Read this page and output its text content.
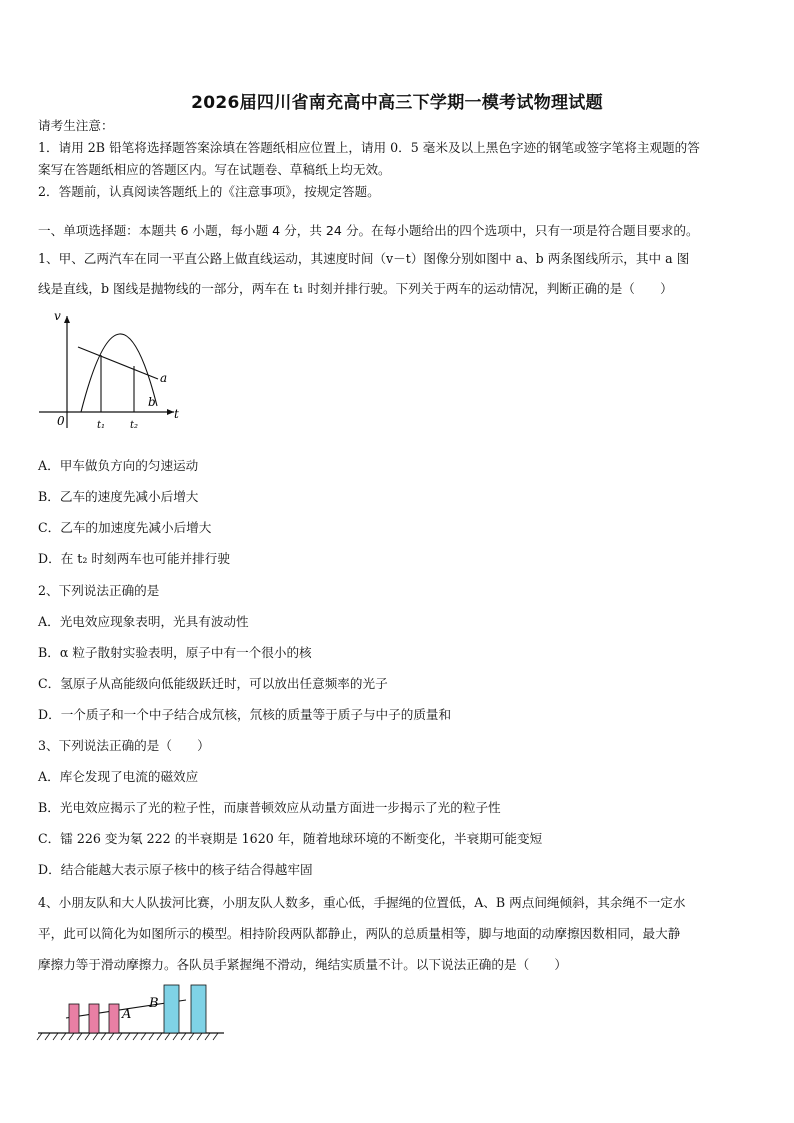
2026届四川省南充高中高三下学期一模考试物理试题
请考生注意：
1．请用 2B 铅笔将选择题答案涂填在答题纸相应位置上，请用 0．5 毫米及以上黑色字迹的钢笔或签字笔将主观题的答
案写在答题纸相应的答题区内。写在试题卷、草稿纸上均无效。
2．答题前，认真阅读答题纸上的《注意事项》，按规定答题。
一、单项选择题：本题共 6 小题，每小题 4 分，共 24 分。在每小题给出的四个选项中，只有一项是符合题目要求的。
1、甲、乙两汽车在同一平直公路上做直线运动，其速度时间（v－t）图像分别如图中 a、b 两条图线所示，其中 a 图
线是直线，b 图线是抛物线的一部分，两车在 t₁ 时刻并排行驶。下列关于两车的运动情况，判断正确的是（　　）
v
t
0	t₁ t₂
a
b
A．甲车做负方向的匀速运动
B．乙车的速度先减小后增大
C．乙车的加速度先减小后增大
D．在 t₂ 时刻两车也可能并排行驶
2、下列说法正确的是
A．光电效应现象表明，光具有波动性
B．α 粒子散射实验表明，原子中有一个很小的核
C．氢原子从高能级向低能级跃迁时，可以放出任意频率的光子
D．一个质子和一个中子结合成氘核，氘核的质量等于质子与中子的质量和
3、下列说法正确的是（　　）
A．库仑发现了电流的磁效应
B．光电效应揭示了光的粒子性，而康普顿效应从动量方面进一步揭示了光的粒子性
C．镭 226 变为氡 222 的半衰期是 1620 年，随着地球环境的不断变化，半衰期可能变短
D．结合能越大表示原子核中的核子结合得越牢固
4、小朋友队和大人队拔河比赛，小朋友队人数多，重心低，手握绳的位置低，A、B 两点间绳倾斜，其余绳不一定水
平，此可以简化为如图所示的模型。相持阶段两队都静止，两队的总质量相等，脚与地面的动摩擦因数相同，最大静
摩擦力等于滑动摩擦力。各队员手紧握绳不滑动，绳结实质量不计。以下说法正确的是（　　）
A
B
